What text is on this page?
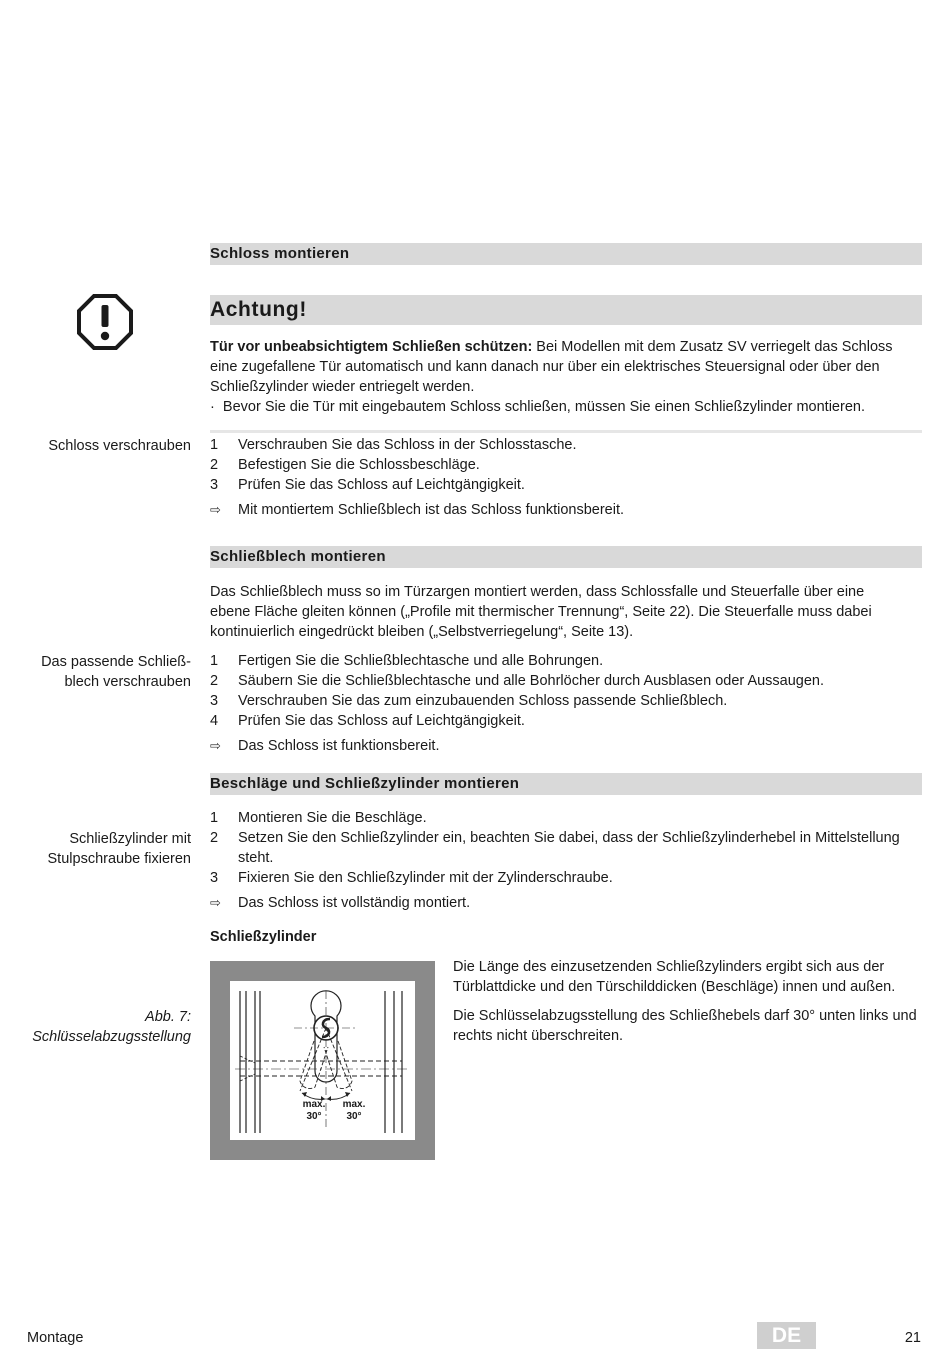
Schloss montieren
Achtung!
Tür vor unbeabsichtigtem Schließen schützen: Bei Modellen mit dem Zusatz SV verriegelt das Schloss
eine zugefallene Tür automatisch und kann danach nur über ein elektrisches Steuersignal oder über den
Schließzylinder wieder entriegelt werden.
· Bevor Sie die Tür mit eingebautem Schloss schließen, müssen Sie einen Schließzylinder montieren.
Schloss verschrauben 1	Verschrauben Sie das Schloss in der Schlosstasche.
2	Befestigen Sie die Schlossbeschläge.
3	Prüfen Sie das Schloss auf Leichtgängigkeit.
⇨	Mit montiertem Schließblech ist das Schloss funktionsbereit.
Schließblech montieren
Das Schließblech muss so im Türzargen montiert werden, dass Schlossfalle und Steuerfalle über eine
ebene Fläche gleiten können („Profile mit thermischer Trennung“, Seite 22). Die Steuerfalle muss dabei
kontinuierlich eingedrückt bleiben („Selbstverriegelung“, Seite 13).
Das passende Schließ-
blech verschrauben
1	Fertigen Sie die Schließblechtasche und alle Bohrungen.
2	Säubern Sie die Schließblechtasche und alle Bohrlöcher durch Ausblasen oder Aussaugen.
3	Verschrauben Sie das zum einzubauenden Schloss passende Schließblech.
4	Prüfen Sie das Schloss auf Leichtgängigkeit.
⇨	Das Schloss ist funktionsbereit.
Beschläge und Schließzylinder montieren
Schließzylinder mit
Stulpschraube fixieren
1	Montieren Sie die Beschläge.
2	Setzen Sie den Schließzylinder ein, beachten Sie dabei, dass der Schließzylinderhebel in Mittelstellung steht.
3	Fixieren Sie den Schließzylinder mit der Zylinderschraube.
⇨	Das Schloss ist vollständig montiert.
Schließzylinder
Abb. 7:
Schlüsselabzugsstellung
max.
30°
max.
30°
Die Länge des einzusetzenden Schließzylinders ergibt sich aus der Türblattdicke und den Türschilddicken (Beschläge) innen und außen.
Die Schlüsselabzugsstellung des Schließhebels darf 30° unten links und rechts nicht überschreiten.
Montage	DE	21
